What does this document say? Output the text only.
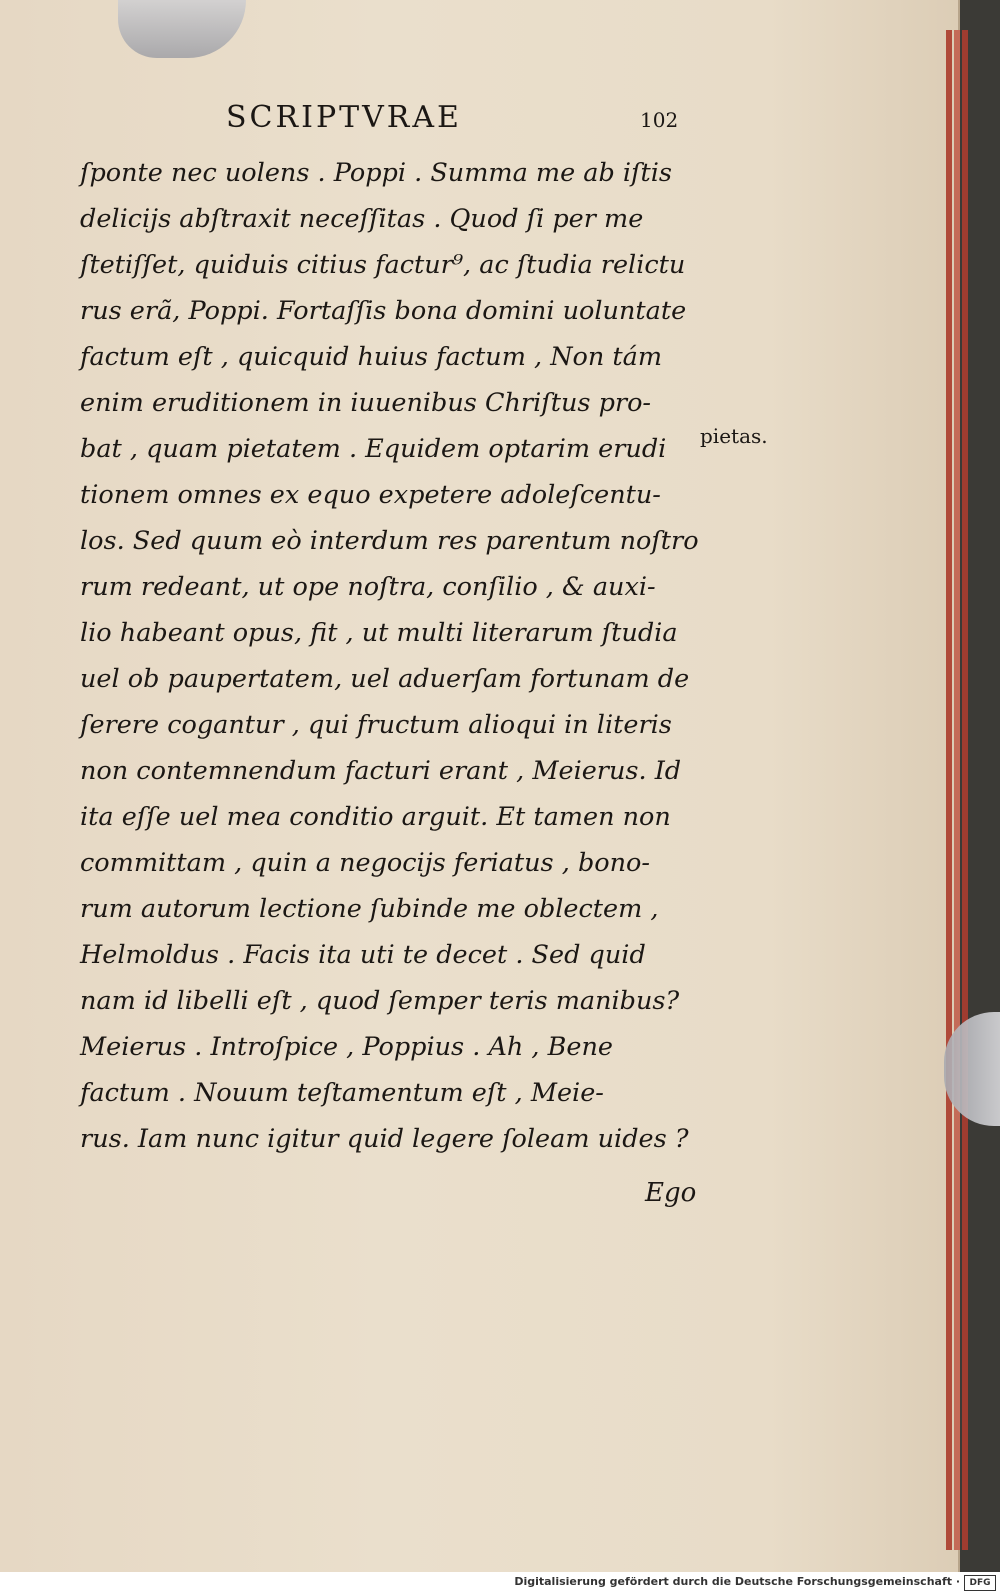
SCRIPTVRAE	102
ſponte nec uolens . Poppi . Summa me ab iſtis
delicijs abſtraxit neceſſitas . Quod ſi per me
ſtetiſſet, quiduis citius factur⁹, ac ſtudia relictu
rus erã, Poppi. Fortaſſis bona domini uoluntate
factum eſt , quicquid huius factum , Non tám
enim eruditionem in iuuenibus Chriſtus pro-
bat , quam pietatem . Equidem optarim erudi
tionem omnes ex equo expetere adoleſcentu-
los. Sed quum eò interdum res parentum noſtro
rum redeant, ut ope noſtra, conſilio , & auxi-
lio habeant opus, fit , ut multi literarum ſtudia
uel ob paupertatem, uel aduerſam fortunam de
ſerere cogantur , qui fructum alioqui in literis
non contemnendum facturi erant , Meierus. Id
ita eſſe uel mea conditio arguit. Et tamen non
committam , quin a negocijs feriatus , bono-
rum autorum lectione ſubinde me oblectem ,
Helmoldus . Facis ita uti te decet . Sed quid
nam id libelli eſt , quod ſemper teris manibus?
Meierus . Introſpice , Poppius . Ah , Bene
factum . Nouum teſtamentum eſt , Meie-
rus. Iam nunc igitur quid legere ſoleam uides ?
pietas.
Ego
Digitalisierung gefördert durch die Deutsche Forschungsgemeinschaft ·	DFG
